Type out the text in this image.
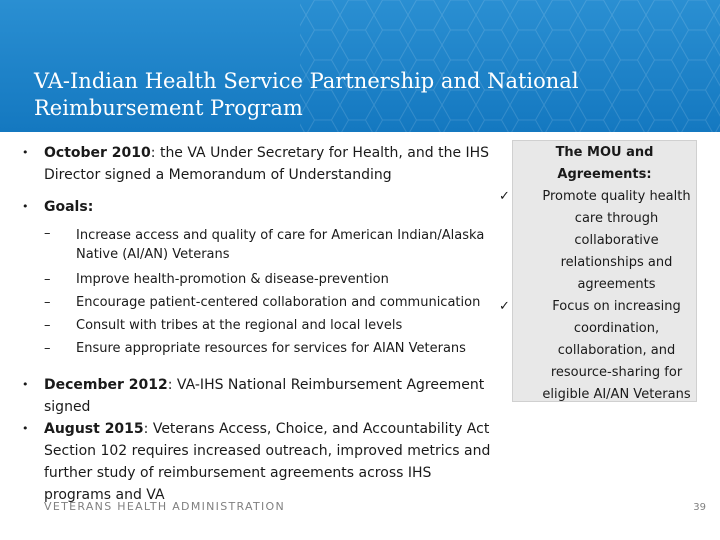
VA-Indian Health Service Partnership and National Reimbursement Program
• October 2010: the VA Under Secretary for Health, and the IHS Director signed a Memorandum of Understanding
• Goals:
– Increase access and quality of care for American Indian/Alaska Native (AI/AN) Veterans
– Improve health-promotion & disease-prevention
– Encourage patient-centered collaboration and communication
– Consult with tribes at the regional and local levels
– Ensure appropriate resources for services for AIAN Veterans
• December 2012: VA-IHS National Reimbursement Agreement signed
• August 2015: Veterans Access, Choice, and Accountability Act Section 102 requires increased outreach, improved metrics and further study of reimbursement agreements across IHS programs and VA
The MOU and Agreements:
✓ Promote quality health care through collaborative relationships and agreements
✓	Focus on increasing coordination, collaboration, and resource-sharing for eligible AI/AN Veterans
VETERANS HEALTH ADMINISTRATION	39
